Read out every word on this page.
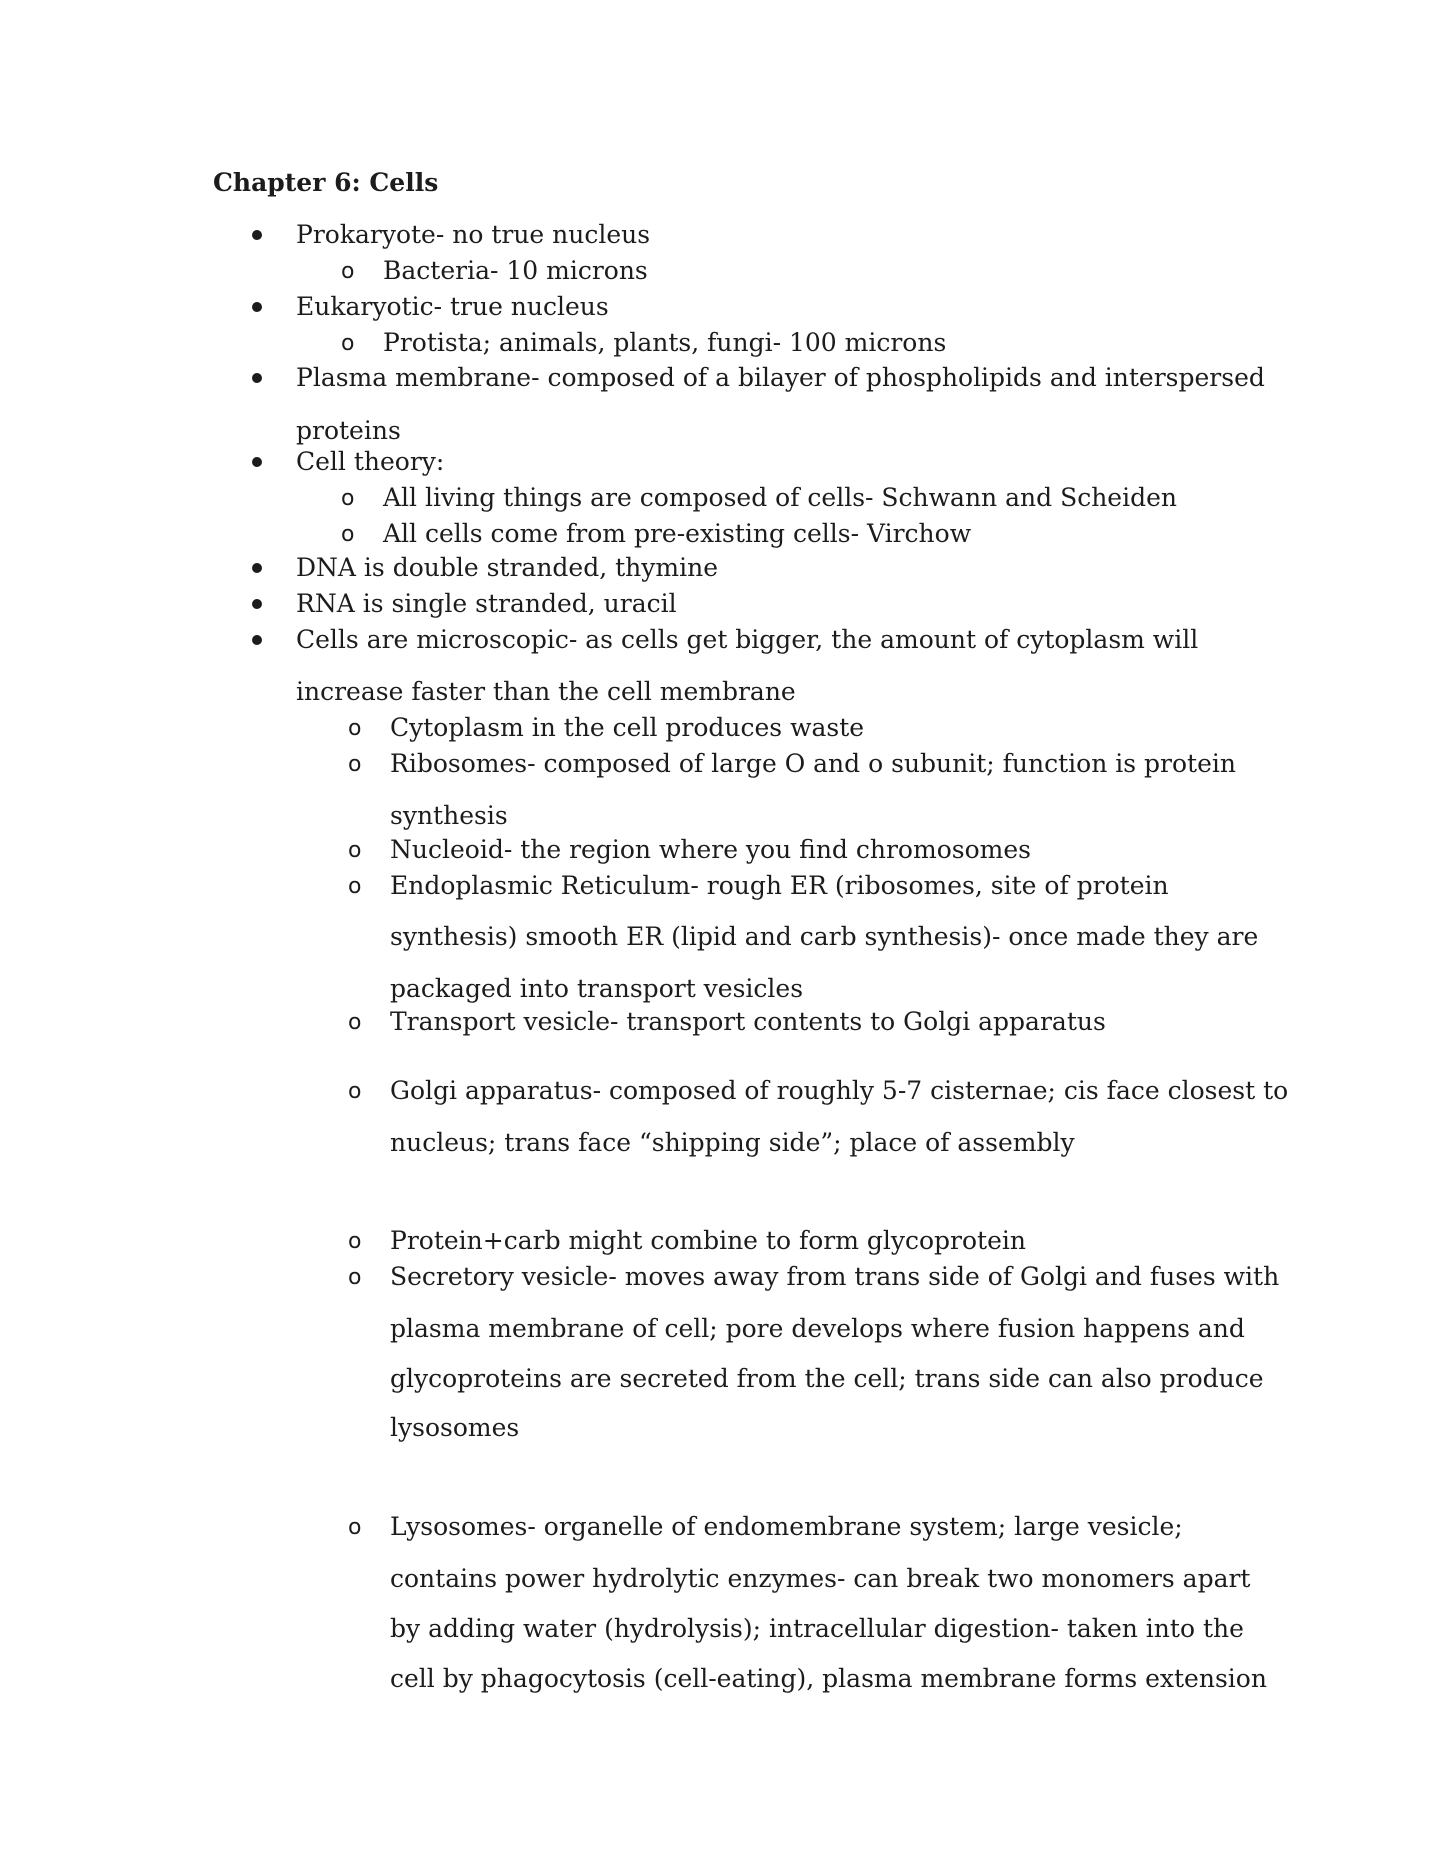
Chapter 6: Cells
Prokaryote- no true nucleus
o Bacteria- 10 microns
Eukaryotic- true nucleus
o Protista; animals, plants, fungi- 100 microns
Plasma membrane- composed of a bilayer of phospholipids and interspersed
proteins
Cell theory:
o All living things are composed of cells- Schwann and Scheiden
o All cells come from pre-existing cells- Virchow
DNA is double stranded, thymine
RNA is single stranded, uracil
Cells are microscopic- as cells get bigger, the amount of cytoplasm will
increase faster than the cell membrane
o Cytoplasm in the cell produces waste
o Ribosomes- composed of large O and o subunit; function is protein
synthesis
o Nucleoid- the region where you find chromosomes
o Endoplasmic Reticulum- rough ER (ribosomes, site of protein
synthesis) smooth ER (lipid and carb synthesis)- once made they are
packaged into transport vesicles
o Transport vesicle- transport contents to Golgi apparatus
o Golgi apparatus- composed of roughly 5-7 cisternae; cis face closest to
nucleus; trans face “shipping side”; place of assembly
o Protein+carb might combine to form glycoprotein
o Secretory vesicle- moves away from trans side of Golgi and fuses with
plasma membrane of cell; pore develops where fusion happens and
glycoproteins are secreted from the cell; trans side can also produce
lysosomes
o Lysosomes- organelle of endomembrane system; large vesicle;
contains power hydrolytic enzymes- can break two monomers apart
by adding water (hydrolysis); intracellular digestion- taken into the
cell by phagocytosis (cell-eating), plasma membrane forms extension
